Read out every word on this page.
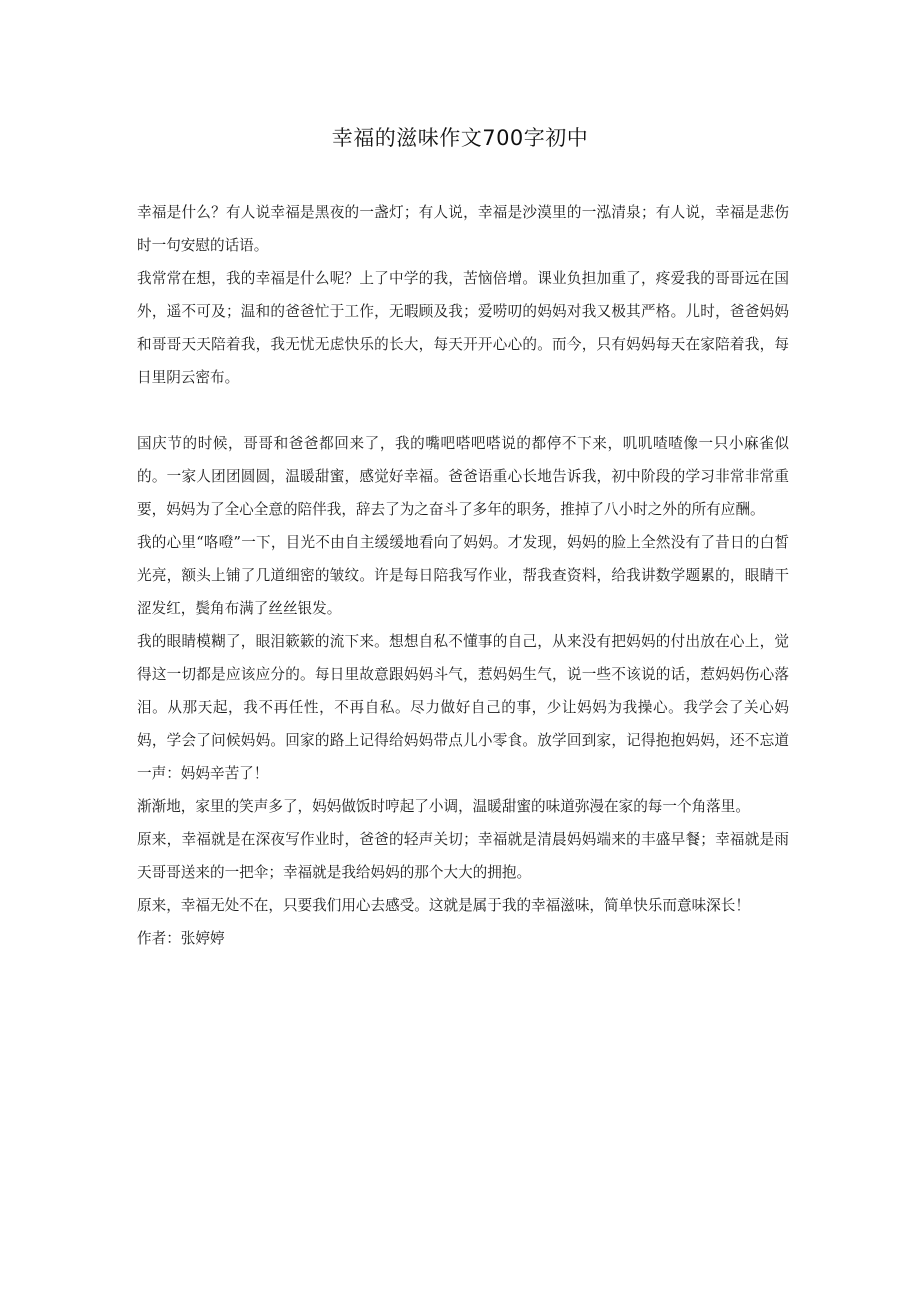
幸福的滋味作文700字初中

幸福是什么？有人说幸福是黑夜的一盏灯；有人说，幸福是沙漠里的一泓清泉；有人说，幸福是悲伤时一句安慰的话语。

我常常在想，我的幸福是什么呢？上了中学的我，苦恼倍增。课业负担加重了，疼爱我的哥哥远在国外，遥不可及；温和的爸爸忙于工作，无暇顾及我；爱唠叨的妈妈对我又极其严格。儿时，爸爸妈妈和哥哥天天陪着我，我无忧无虑快乐的长大，每天开开心心的。而今，只有妈妈每天在家陪着我，每日里阴云密布。

国庆节的时候，哥哥和爸爸都回来了，我的嘴吧嗒吧嗒说的都停不下来，叽叽喳喳像一只小麻雀似的。一家人团团圆圆，温暖甜蜜，感觉好幸福。爸爸语重心长地告诉我，初中阶段的学习非常非常重要，妈妈为了全心全意的陪伴我，辞去了为之奋斗了多年的职务，推掉了八小时之外的所有应酬。

我的心里“咯噔”一下，目光不由自主缓缓地看向了妈妈。才发现，妈妈的脸上全然没有了昔日的白皙光亮，额头上铺了几道细密的皱纹。许是每日陪我写作业，帮我查资料，给我讲数学题累的，眼睛干涩发红，鬓角布满了丝丝银发。

我的眼睛模糊了，眼泪簌簌的流下来。想想自私不懂事的自己，从来没有把妈妈的付出放在心上，觉得这一切都是应该应分的。每日里故意跟妈妈斗气，惹妈妈生气，说一些不该说的话，惹妈妈伤心落泪。从那天起，我不再任性，不再自私。尽力做好自己的事，少让妈妈为我操心。我学会了关心妈妈，学会了问候妈妈。回家的路上记得给妈妈带点儿小零食。放学回到家，记得抱抱妈妈，还不忘道一声：妈妈辛苦了！

渐渐地，家里的笑声多了，妈妈做饭时哼起了小调，温暖甜蜜的味道弥漫在家的每一个角落里。

原来，幸福就是在深夜写作业时，爸爸的轻声关切；幸福就是清晨妈妈端来的丰盛早餐；幸福就是雨天哥哥送来的一把伞；幸福就是我给妈妈的那个大大的拥抱。

原来，幸福无处不在，只要我们用心去感受。这就是属于我的幸福滋味，简单快乐而意味深长！

作者：张婷婷
